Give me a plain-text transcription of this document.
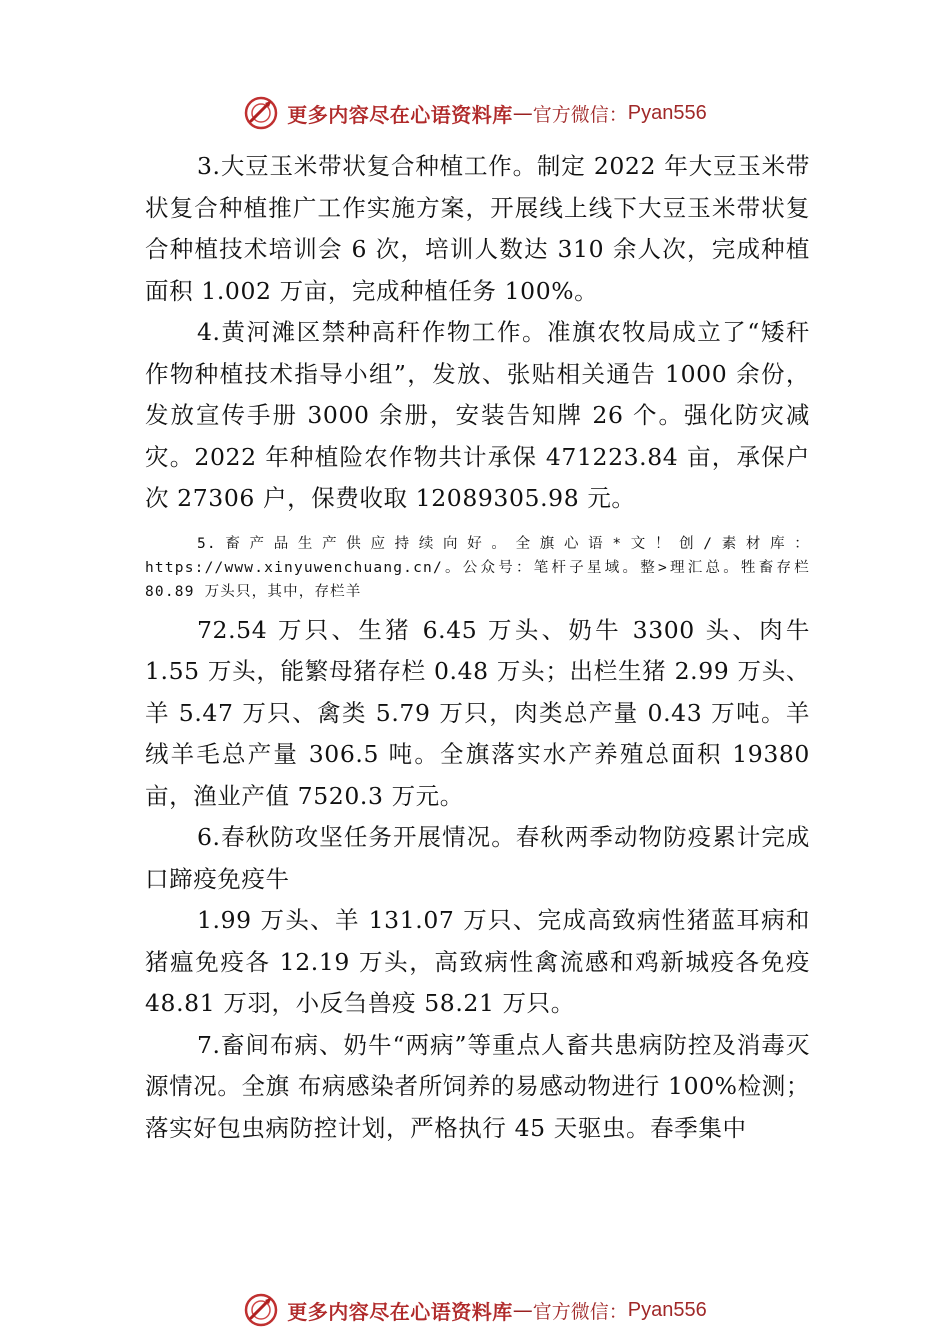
更多内容尽在心语资料库 — 官方微信： Pyan556

3.大豆玉米带状复合种植工作。制定 2022 年大豆玉米带状复合种植推广工作实施方案，开展线上线下大豆玉米带状复合种植技术培训会 6 次，培训人数达 310 余人次，完成种植面积 1.002 万亩，完成种植任务 100%。

4.黄河滩区禁种高秆作物工作。准旗农牧局成立了“矮秆作物种植技术指导小组”，发放、张贴相关通告 1000 余份，发放宣传手册 3000 余册，安装告知牌 26 个。强化防灾减灾。2022 年种植险农作物共计承保 471223.84 亩，承保户次 27306 户，保费收取 12089305.98 元。

5.畜产品生产供应持续向好。全旗心语*文！创/素材库：https://www.xinyuwenchuang.cn/。公众号：笔杆子星域。整>理汇总。牲畜存栏 80.89 万头只，其中，存栏羊

72.54 万只、生猪 6.45 万头、奶牛 3300 头、肉牛 1.55 万头，能繁母猪存栏 0.48 万头；出栏生猪 2.99 万头、羊 5.47 万只、禽类 5.79 万只，肉类总产量 0.43 万吨。羊绒羊毛总产量 306.5 吨。全旗落实水产养殖总面积 19380 亩，渔业产值 7520.3 万元。

6.春秋防攻坚任务开展情况。春秋两季动物防疫累计完成口蹄疫免疫牛

1.99 万头、羊 131.07 万只、完成高致病性猪蓝耳病和猪瘟免疫各 12.19 万头，高致病性禽流感和鸡新城疫各免疫 48.81 万羽，小反刍兽疫 58.21 万只。

7.畜间布病、奶牛“两病”等重点人畜共患病防控及消毒灭源情况。全旗 布病感染者所饲养的易感动物进行 100%检测；落实好包虫病防控计划，严格执行 45 天驱虫。春季集中

更多内容尽在心语资料库 — 官方微信： Pyan556
